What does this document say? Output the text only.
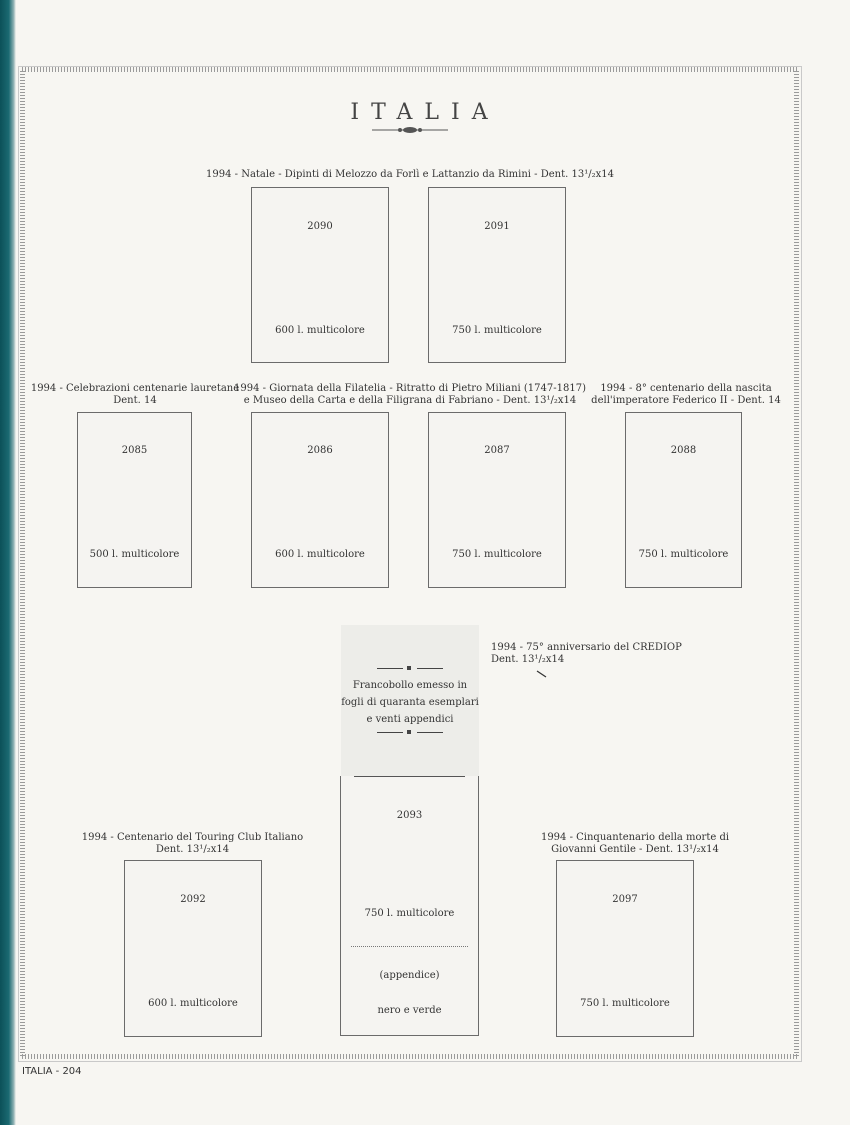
ITALIA
1994 - Natale - Dipinti di Melozzo da Forlì e Lattanzio da Rimini - Dent. 13¹/₂x14
2090
600 l. multicolore
2091
750 l. multicolore
1994 - Celebrazioni centenarie lauretane
Dent. 14
1994 - Giornata della Filatelia - Ritratto di Pietro Miliani (1747-1817)
e Museo della Carta e della Filigrana di Fabriano - Dent. 13¹/₂x14
1994 - 8° centenario della nascita
dell'imperatore Federico II - Dent. 14
2085
500 l. multicolore
2086
600 l. multicolore
2087
750 l. multicolore
2088
750 l. multicolore
Francobollo emesso in
fogli di quaranta esemplari
e venti appendici
1994 - 75° anniversario del CREDIOP
Dent. 13¹/₂x14
2093
750 l. multicolore
(appendice)
nero e verde
1994 - Centenario del Touring Club Italiano
Dent. 13¹/₂x14
1994 - Cinquantenario della morte di
Giovanni Gentile - Dent. 13¹/₂x14
2092
600 l. multicolore
2097
750 l. multicolore
ITALIA - 204
